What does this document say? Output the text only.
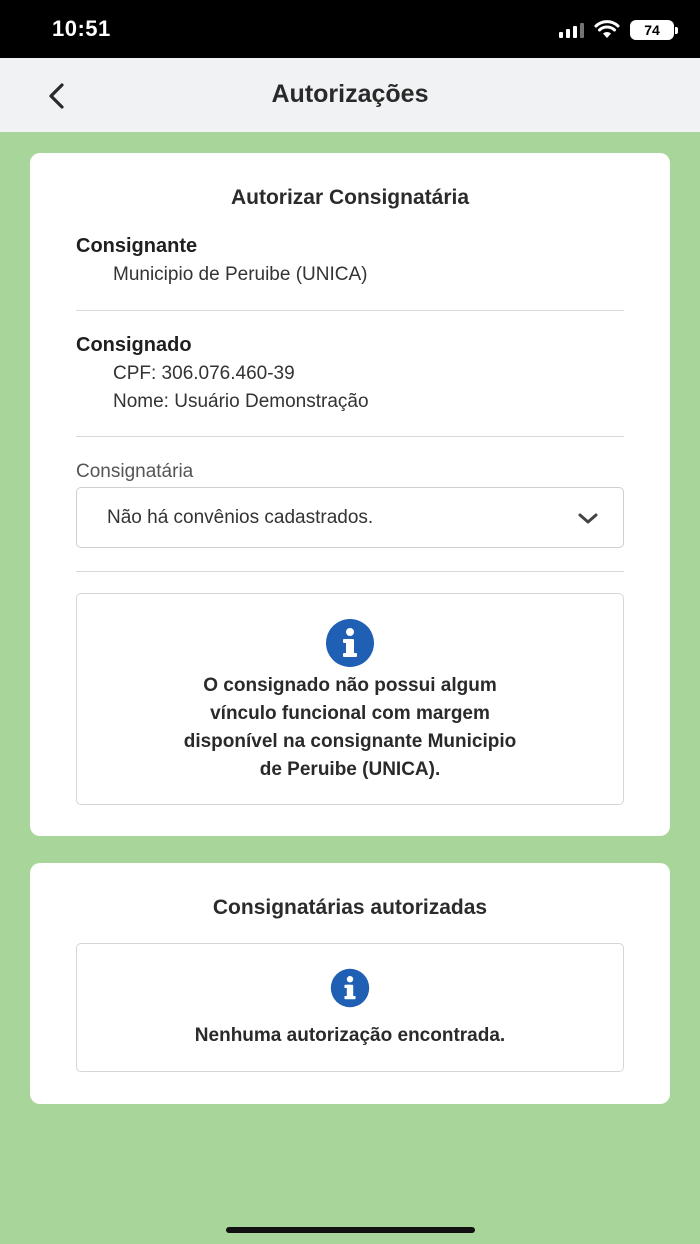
10:51	74
Autorizações
Autorizar Consignatária
Consignante
Municipio de Peruibe (UNICA)
Consignado
CPF: 306.076.460-39
Nome: Usuário Demonstração
Consignatária
Não há convênios cadastrados.
O consignado não possui algum
vínculo funcional com margem
disponível na consignante Municipio
de Peruibe (UNICA).
Consignatárias autorizadas
Nenhuma autorização encontrada.
